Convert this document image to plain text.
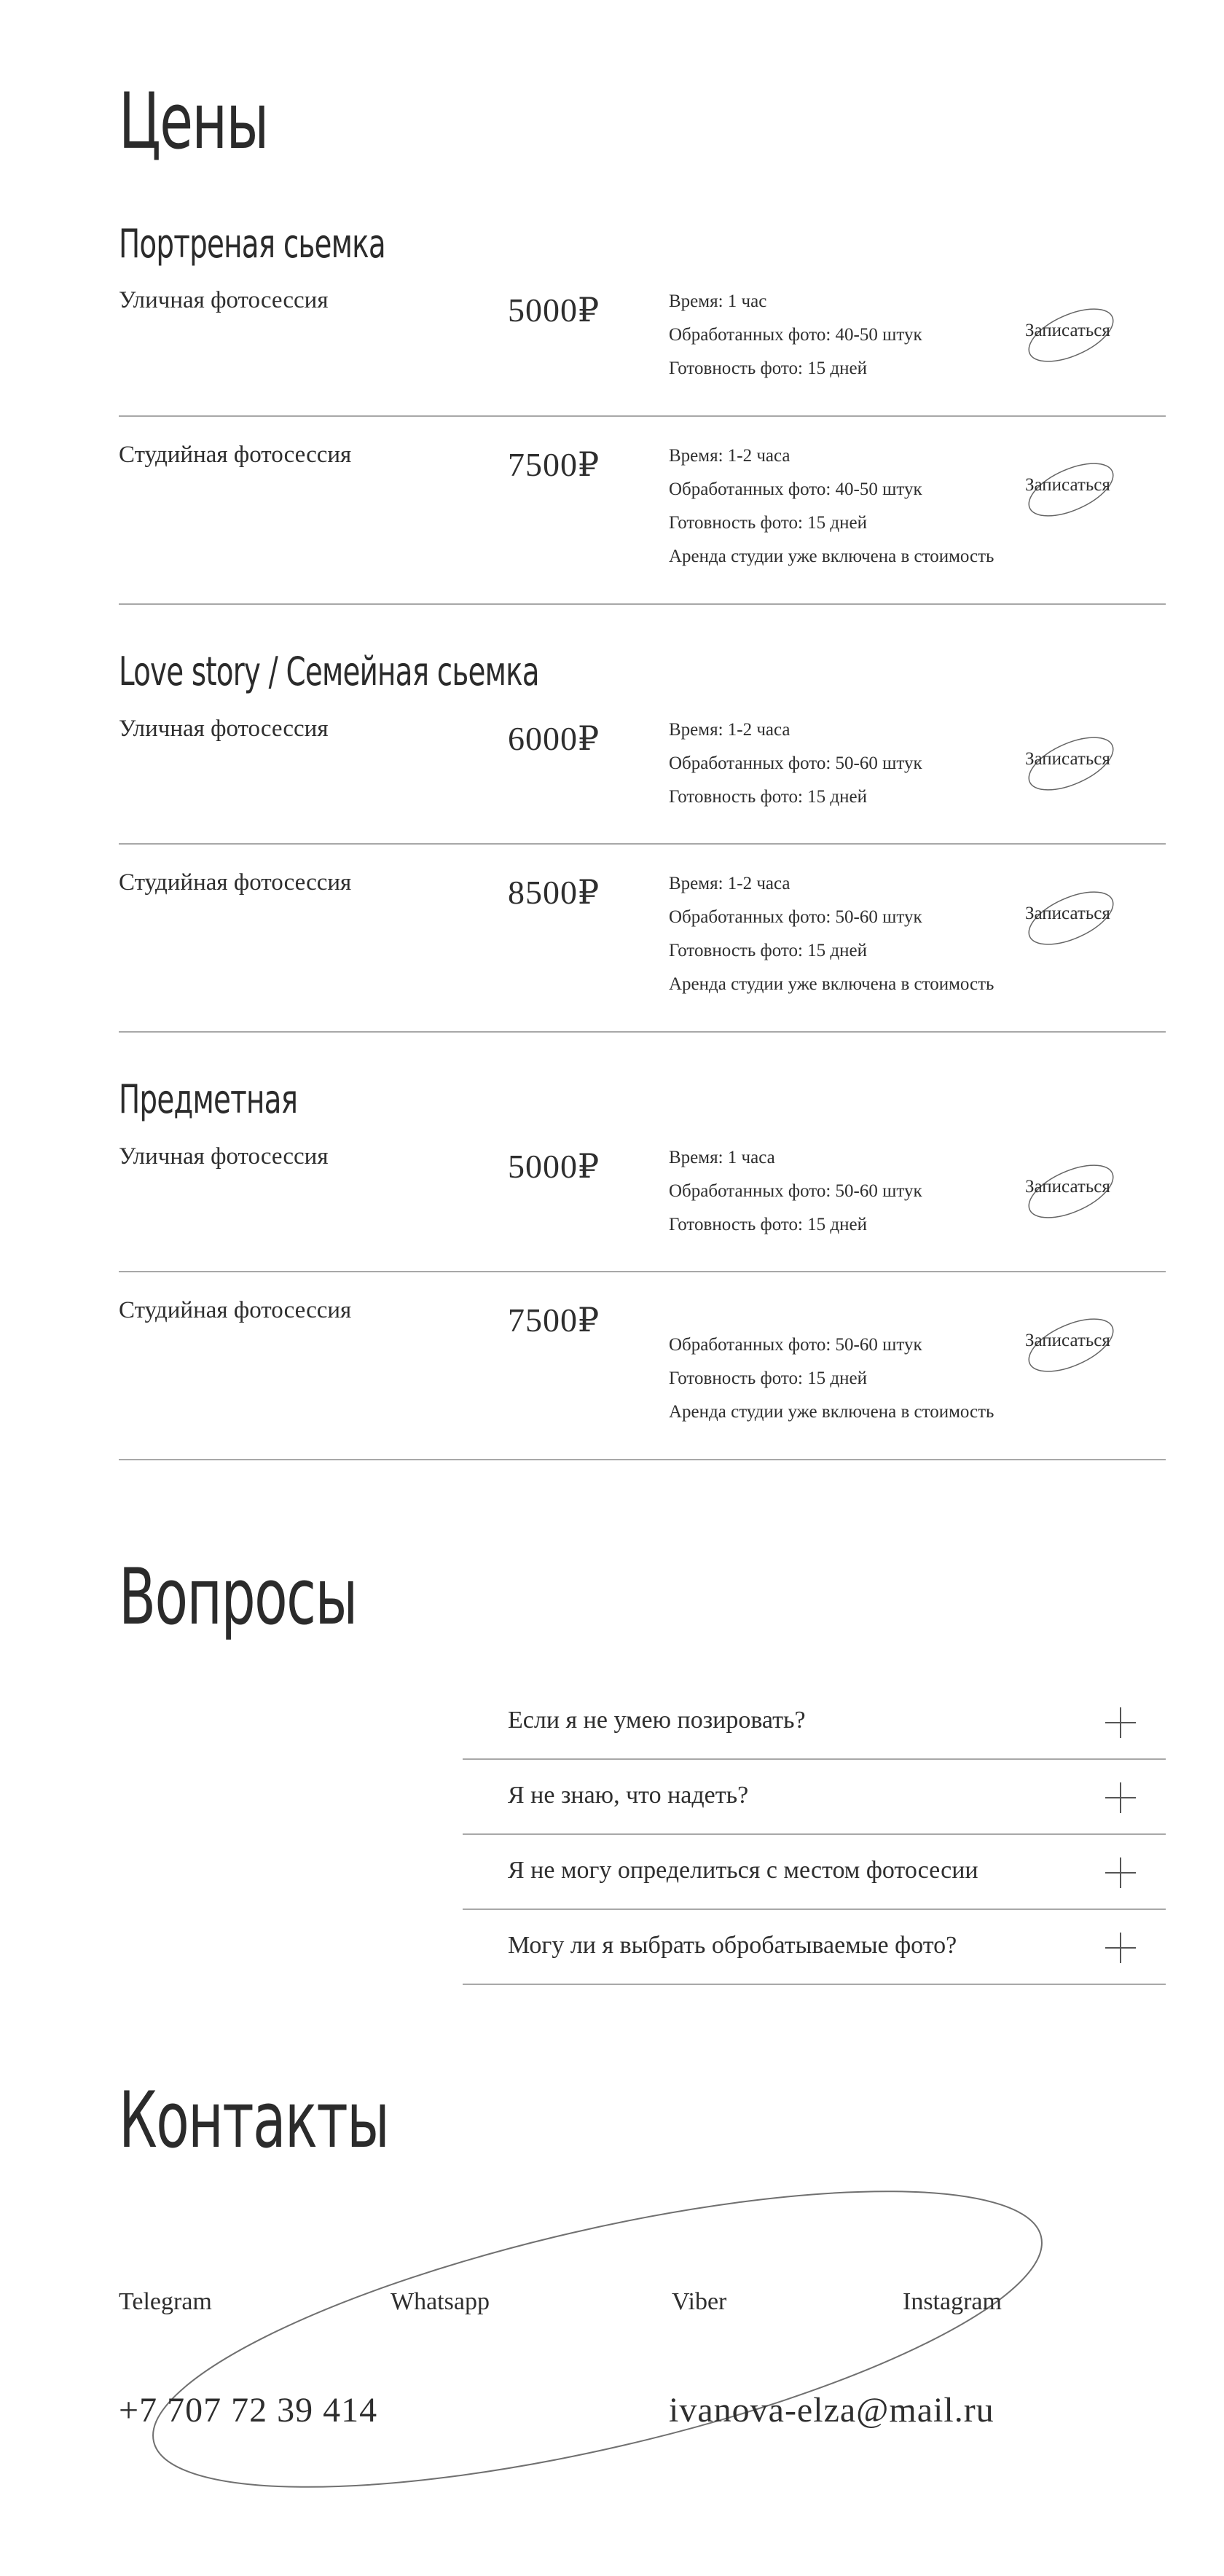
Цены
Портреная сьемка
Уличная фотосессия	5000₽	Время: 1 час
Обработанных фото: 40-50 штук
Готовность фото: 15 дней
Записаться
Студийная фотосессия	7500₽	Время: 1-2 часа
Обработанных фото: 40-50 штук
Готовность фото: 15 дней
Аренда студии уже включена в стоимость
Записаться
Love story / Семейная сьемка
Уличная фотосессия	6000₽	Время: 1-2 часа
Обработанных фото: 50-60 штук
Готовность фото: 15 дней
Записаться
Студийная фотосессия	8500₽	Время: 1-2 часа
Обработанных фото: 50-60 штук
Готовность фото: 15 дней
Аренда студии уже включена в стоимость
Записаться
Предметная
Уличная фотосессия	5000₽	Время: 1 часа
Обработанных фото: 50-60 штук
Готовность фото: 15 дней
Записаться
Студийная фотосессия	7500₽
Обработанных фото: 50-60 штук
Готовность фото: 15 дней
Аренда студии уже включена в стоимость
Записаться
Вопросы
Если я не умею позировать?
Я не знаю, что надеть?
Я не могу определиться с местом фотосесии
Могу ли я выбрать обробатываемые фото?
Контакты
Telegram	Whatsapp	Viber	Instagram
+7 707 72 39 414	ivanova-elza@mail.ru
